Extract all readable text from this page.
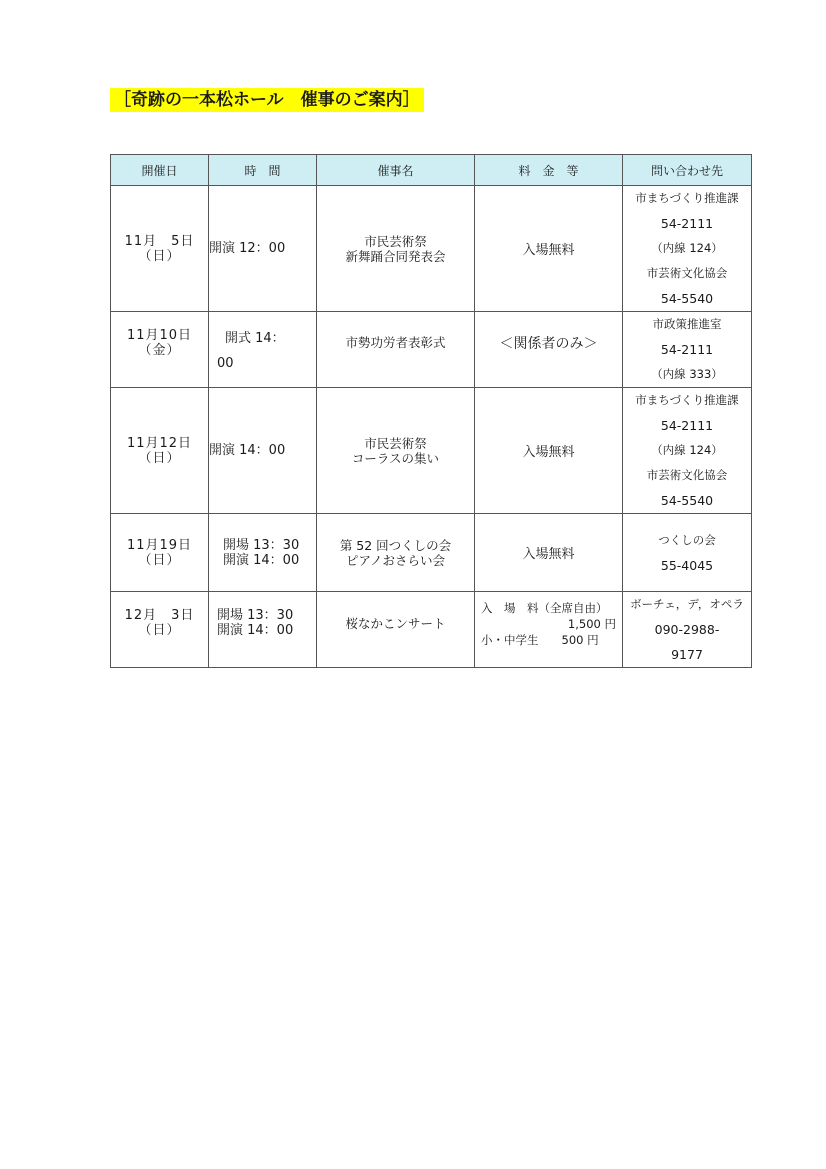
［奇跡の一本松ホール　催事のご案内］
開催日	時　間	催事名	料　金　等	問い合わせ先

11月　5日
（日）	開演 12：00	市民芸術祭
新舞踊合同発表会	入場無料	市まちづくり推進課
54-2111
（内線 124）
市芸術文化協会
54-5540

11月10日
（金）	開式 14：
00	市勢功労者表彰式	＜関係者のみ＞	市政策推進室
54-2111
（内線 333）

11月12日
（日）	開演 14：00	市民芸術祭
コーラスの集い	入場無料	市まちづくり推進課
54-2111
（内線 124）
市芸術文化協会
54-5540

11月19日
（日）	開場 13：30
開演 14：00	第 52 回つくしの会
ピアノおさらい会	入場無料	つくしの会
55-4045

12月　3日
（日）	開場 13：30
開演 14：00	桜なかこンサート	入　場　料（全席自由）
1,500 円
小・中学生　　500 円	ボーチェ，デ，オペラ
090-2988-
9177
